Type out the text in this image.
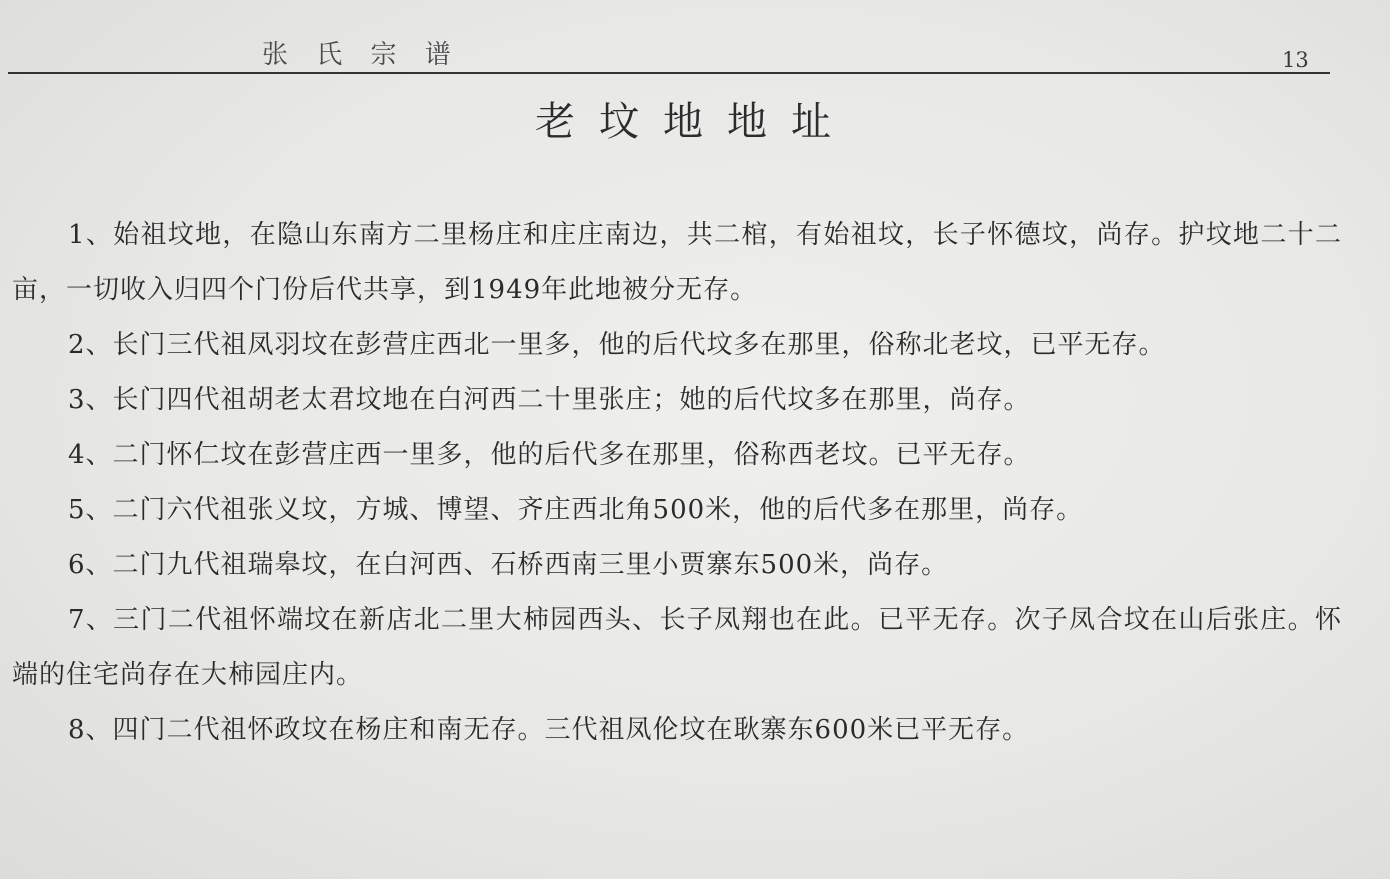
张 氏 宗 谱	13
老坟地地址

1、始祖坟地，在隐山东南方二里杨庄和庄庄南边，共二棺，有始祖坟，长子怀德坟，尚存。护坟地二十二亩，一切收入归四个门份后代共享，到1949年此地被分无存。

2、长门三代祖凤羽坟在彭营庄西北一里多，他的后代坟多在那里，俗称北老坟，已平无存。

3、长门四代祖胡老太君坟地在白河西二十里张庄；她的后代坟多在那里，尚存。

4、二门怀仁坟在彭营庄西一里多，他的后代多在那里，俗称西老坟。已平无存。

5、二门六代祖张义坟，方城、博望、齐庄西北角500米，他的后代多在那里，尚存。

6、二门九代祖瑞皋坟，在白河西、石桥西南三里小贾寨东500米，尚存。

7、三门二代祖怀端坟在新店北二里大柿园西头、长子凤翔也在此。已平无存。次子凤合坟在山后张庄。怀端的住宅尚存在大柿园庄内。

8、四门二代祖怀政坟在杨庄和南无存。三代祖凤伦坟在耿寨东600米已平无存。
